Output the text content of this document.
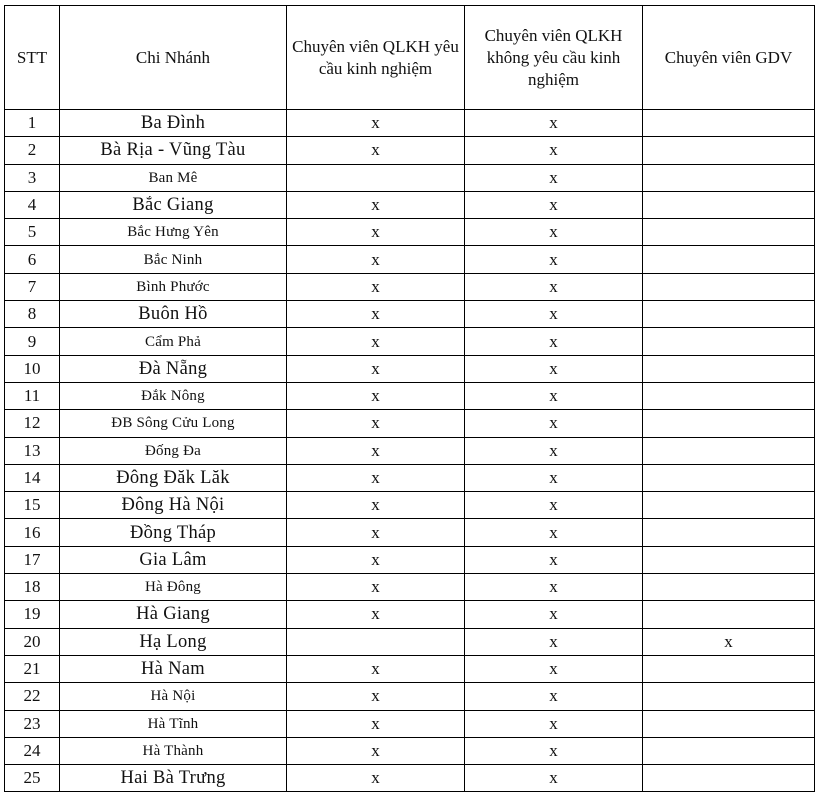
STT	Chi Nhánh	Chuyên viên QLKH yêu cầu kinh nghiệm	Chuyên viên QLKH không yêu cầu kinh nghiệm	Chuyên viên GDV
1	Ba Đình	x	x	
2	Bà Rịa - Vũng Tàu	x	x	
3	Ban Mê		x	
4	Bắc Giang	x	x	
5	Bắc Hưng Yên	x	x	
6	Bắc Ninh	x	x	
7	Bình Phước	x	x	
8	Buôn Hồ	x	x	
9	Cẩm Phả	x	x	
10	Đà Nẵng	x	x	
11	Đắk Nông	x	x	
12	ĐB Sông Cửu Long	x	x	
13	Đống Đa	x	x	
14	Đông Đăk Lăk	x	x	
15	Đông Hà Nội	x	x	
16	Đồng Tháp	x	x	
17	Gia Lâm	x	x	
18	Hà Đông	x	x	
19	Hà Giang	x	x	
20	Hạ Long		x	x
21	Hà Nam	x	x	
22	Hà Nội	x	x	
23	Hà Tĩnh	x	x	
24	Hà Thành	x	x	
25	Hai Bà Trưng	x	x	
